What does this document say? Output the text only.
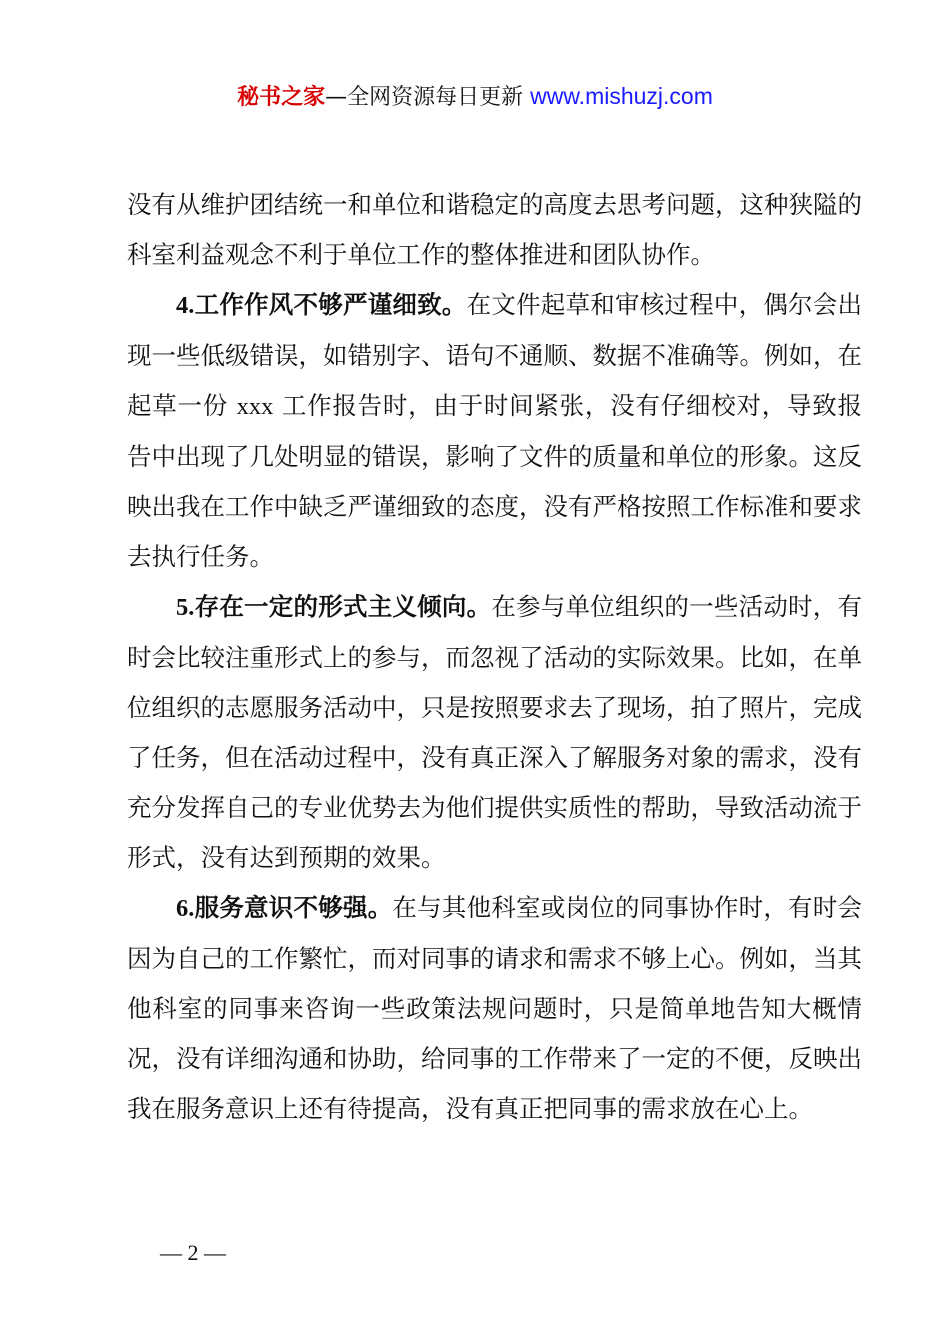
秘书之家—全网资源每日更新 www.mishuzj.com

没有从维护团结统一和单位和谐稳定的高度去思考问题，这种狭隘的科室利益观念不利于单位工作的整体推进和团队协作。

4.工作作风不够严谨细致。在文件起草和审核过程中，偶尔会出现一些低级错误，如错别字、语句不通顺、数据不准确等。例如，在起草一份 xxx 工作报告时，由于时间紧张，没有仔细校对，导致报告中出现了几处明显的错误，影响了文件的质量和单位的形象。这反映出我在工作中缺乏严谨细致的态度，没有严格按照工作标准和要求去执行任务。

5.存在一定的形式主义倾向。在参与单位组织的一些活动时，有时会比较注重形式上的参与，而忽视了活动的实际效果。比如，在单位组织的志愿服务活动中，只是按照要求去了现场，拍了照片，完成了任务，但在活动过程中，没有真正深入了解服务对象的需求，没有充分发挥自己的专业优势去为他们提供实质性的帮助，导致活动流于形式，没有达到预期的效果。

6.服务意识不够强。在与其他科室或岗位的同事协作时，有时会因为自己的工作繁忙，而对同事的请求和需求不够上心。例如，当其他科室的同事来咨询一些政策法规问题时，只是简单地告知大概情况，没有详细沟通和协助，给同事的工作带来了一定的不便，反映出我在服务意识上还有待提高，没有真正把同事的需求放在心上。

— 2 —
